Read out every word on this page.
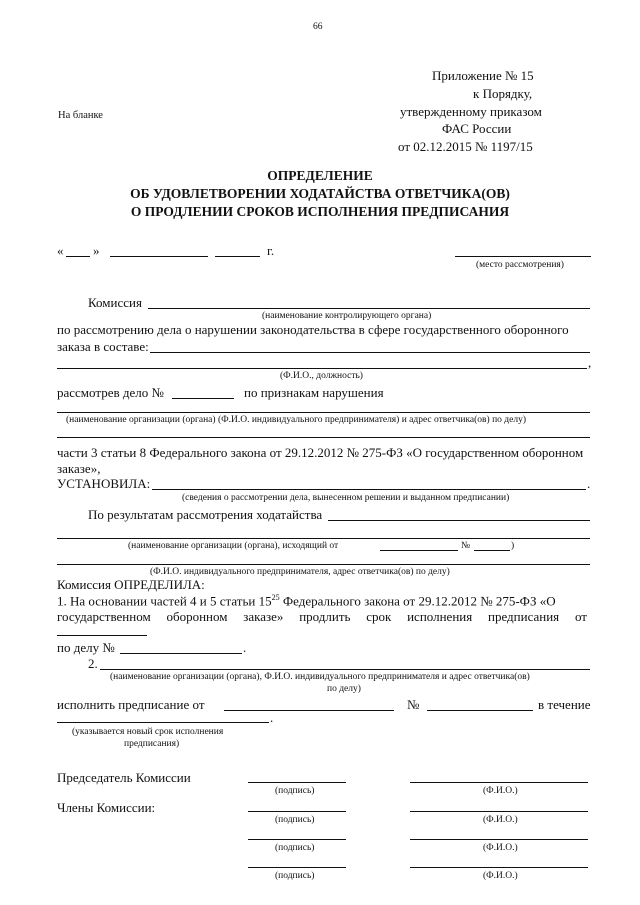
66
На бланке
Приложение № 15
к Порядку,
утвержденному приказом
ФАС России
от 02.12.2015 № 1197/15
ОПРЕДЕЛЕНИЕ
ОБ УДОВЛЕТВОРЕНИИ ХОДАТАЙСТВА ОТВЕТЧИКА(ОВ)
О ПРОДЛЕНИИ СРОКОВ ИСПОЛНЕНИЯ ПРЕДПИСАНИЯ
« »	г.
(место рассмотрения)
Комиссия
(наименование контролирующего органа)
по рассмотрению дела о нарушении законодательства в сфере государственного оборонного
заказа в составе:
,
(Ф.И.О., должность)
рассмотрев дело №	по признакам нарушения
(наименование организации (органа) (Ф.И.О. индивидуального предпринимателя) и адрес ответчика(ов) по делу)
части 3 статьи 8 Федерального закона от 29.12.2012 № 275-ФЗ «О государственном оборонном
заказе»,
УСТАНОВИЛА:	.
(сведения о рассмотрении дела, вынесенном решении и выданном предписании)
По результатам рассмотрения ходатайства
(наименование организации (органа), исходящий от	№	)
(Ф.И.О. индивидуального предпринимателя, адрес ответчика(ов) по делу)
Комиссия ОПРЕДЕЛИЛА:
1. На основании частей 4 и 5 статьи $15^{25}$ Федерального закона от 29.12.2012 № 275-ФЗ «О
государственном оборонном заказе» продлить срок исполнения предписания от
по делу №	.
2.
(наименование организации (органа), Ф.И.О. индивидуального предпринимателя и адрес ответчика(ов)
по делу)
исполнить предписание от	№	в течение
.
(указывается новый срок исполнения
предписания)
Председатель Комиссии
Члены Комиссии:
(подпись)	(Ф.И.О.)
(подпись)	(Ф.И.О.)
(подпись)	(Ф.И.О.)
(подпись)	(Ф.И.О.)
